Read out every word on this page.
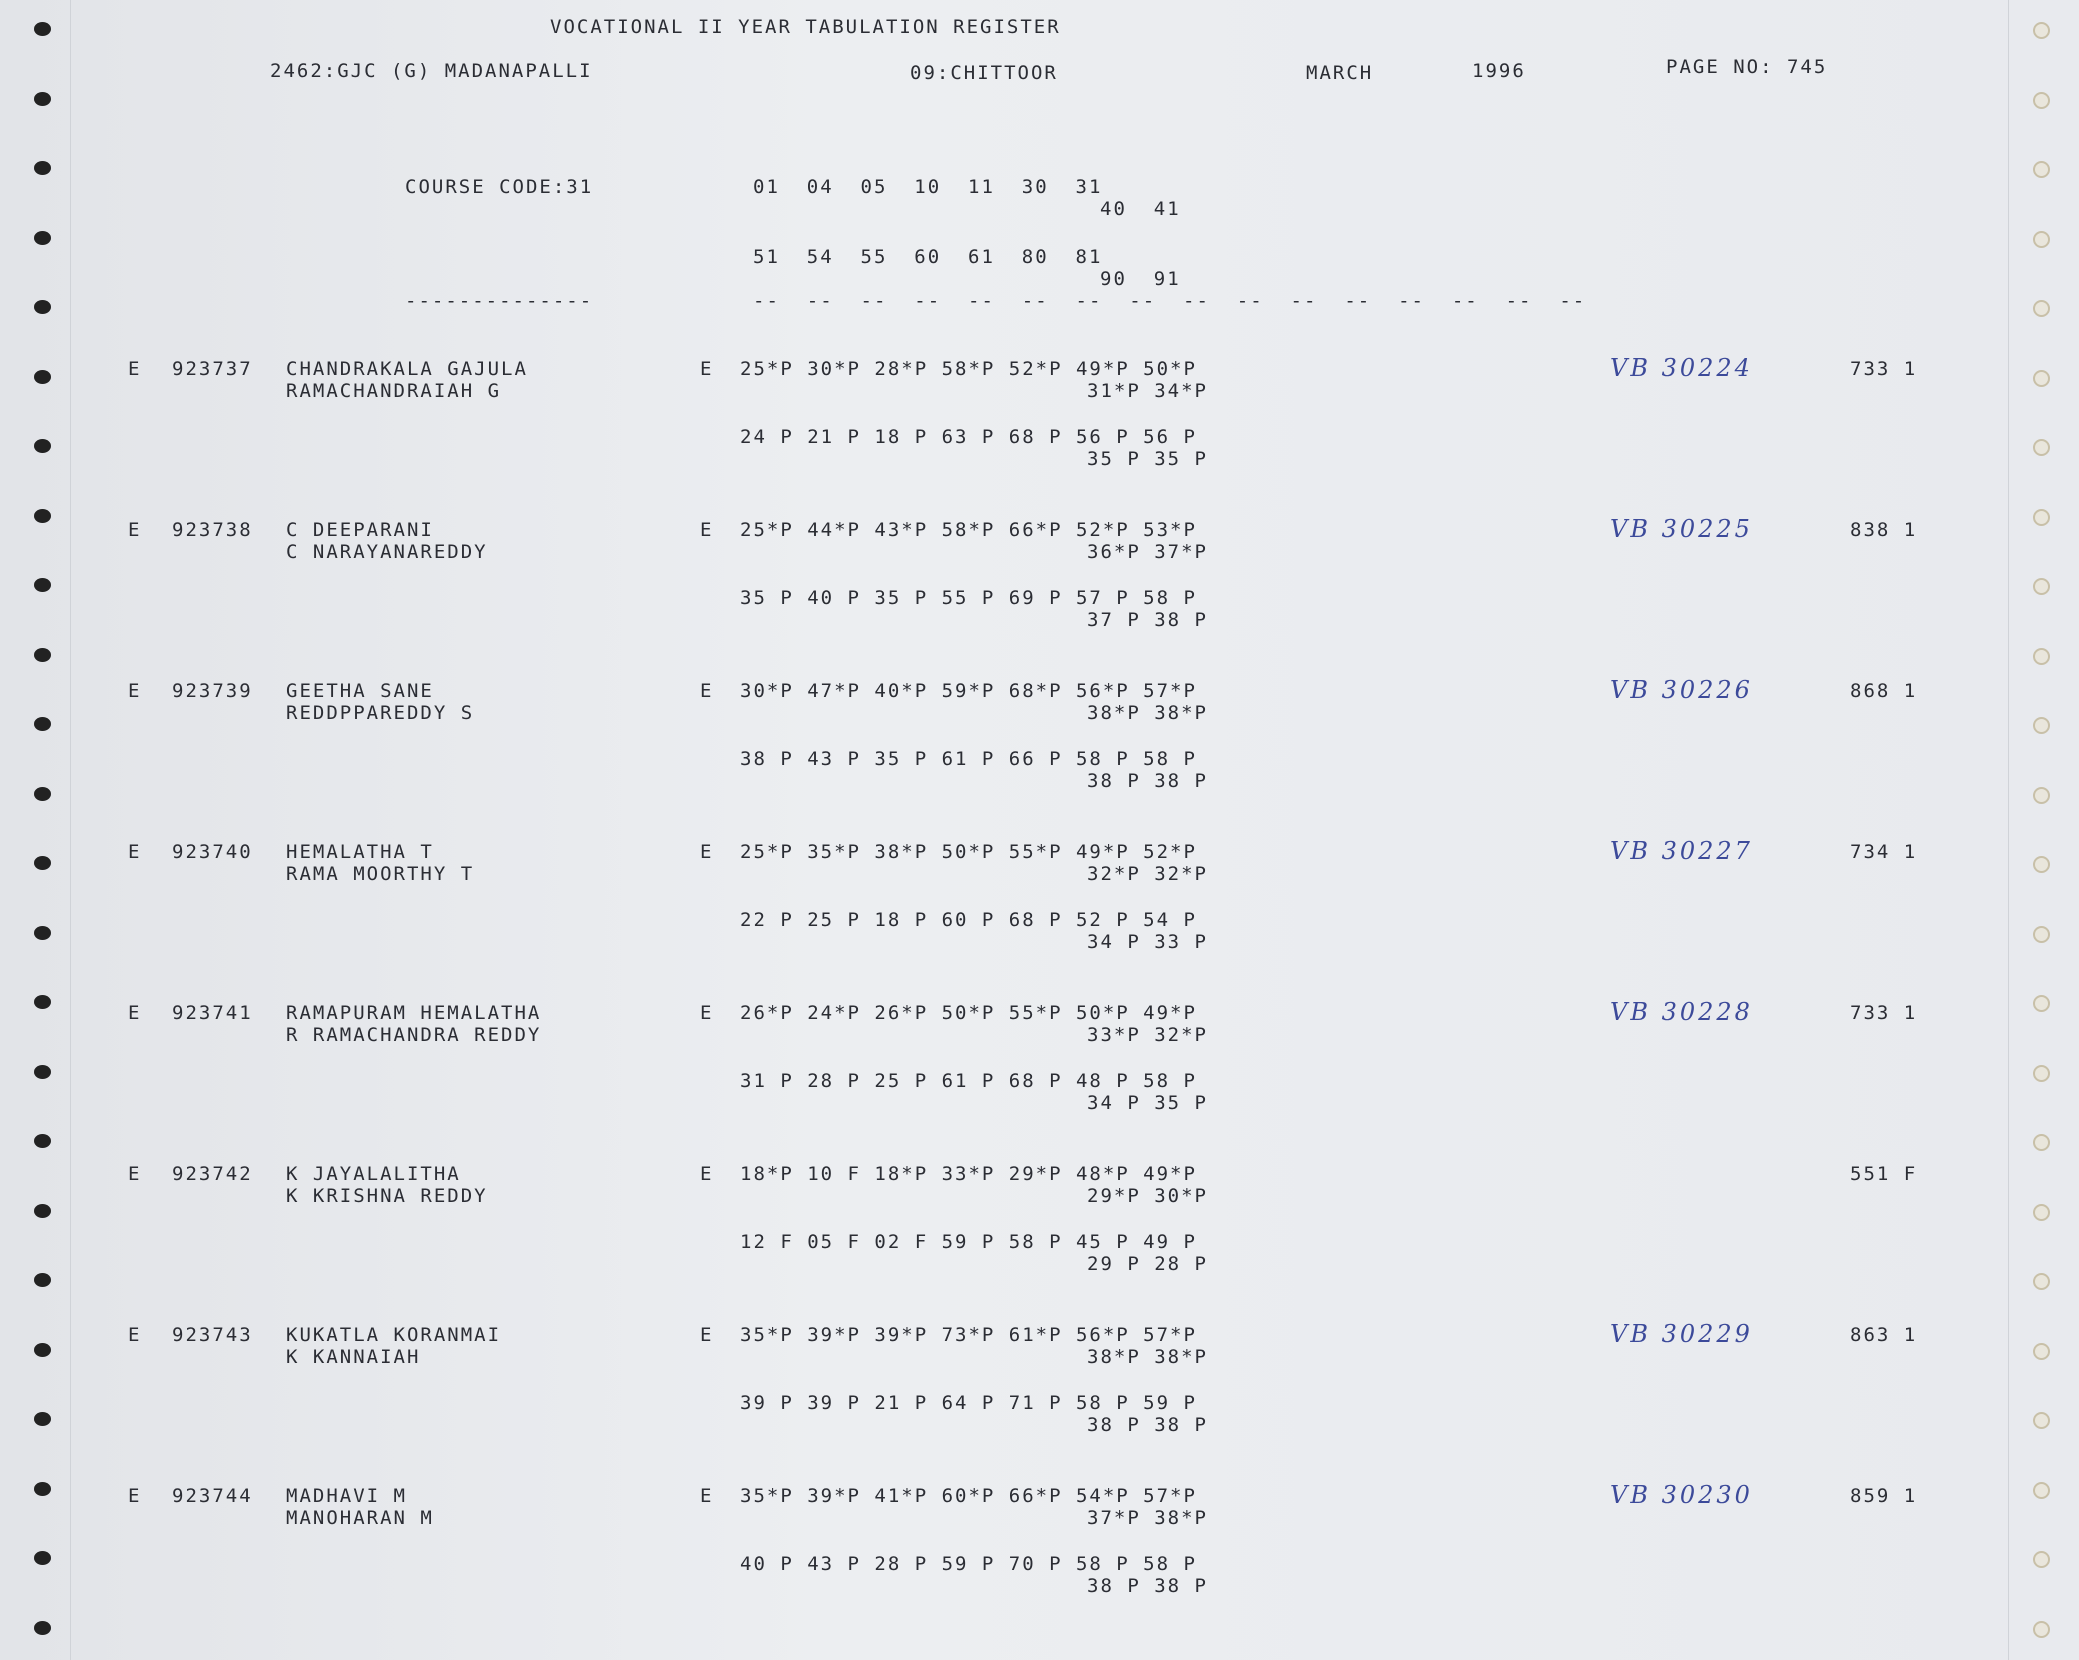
VOCATIONAL II YEAR TABULATION REGISTER

2462:GJC (G) MADANAPALLI

	09:CHITTOOR

	MARCH

	1996

	PAGE NO: 745

COURSE CODE:31

	01  04  05  10  11  30  31

40  41

51  54  55  60  61  80  81

90  91

--------------

	--  --  --  --  --  --  --  --  --  --  --  --  --  --  --  --

E 923737 CHANDRAKALA GAJULA
RAMACHANDRAIAH G
E 25*P 30*P 28*P 58*P 52*P 49*P 50*P
31*P 34*P
24 P 21 P 18 P 63 P 68 P 56 P 56 P
35 P 35 P
VB 30224	733 1
E 923738 C DEEPARANI
C NARAYANAREDDY
E 25*P 44*P 43*P 58*P 66*P 52*P 53*P
36*P 37*P
35 P 40 P 35 P 55 P 69 P 57 P 58 P
37 P 38 P
VB 30225	838 1
E 923739 GEETHA SANE
REDDPPAREDDY S
E 30*P 47*P 40*P 59*P 68*P 56*P 57*P
38*P 38*P
38 P 43 P 35 P 61 P 66 P 58 P 58 P
38 P 38 P
VB 30226	868 1
E 923740 HEMALATHA T
RAMA MOORTHY T
E 25*P 35*P 38*P 50*P 55*P 49*P 52*P
32*P 32*P
22 P 25 P 18 P 60 P 68 P 52 P 54 P
34 P 33 P
VB 30227	734 1
E 923741 RAMAPURAM HEMALATHA
R RAMACHANDRA REDDY
E 26*P 24*P 26*P 50*P 55*P 50*P 49*P
33*P 32*P
31 P 28 P 25 P 61 P 68 P 48 P 58 P
34 P 35 P
VB 30228	733 1
E 923742 K JAYALALITHA
K KRISHNA REDDY
E 18*P 10 F 18*P 33*P 29*P 48*P 49*P
29*P 30*P
12 F 05 F 02 F 59 P 58 P 45 P 49 P
29 P 28 P
551 F
E 923743 KUKATLA KORANMAI
K KANNAIAH
E 35*P 39*P 39*P 73*P 61*P 56*P 57*P
38*P 38*P
39 P 39 P 21 P 64 P 71 P 58 P 59 P
38 P 38 P
VB 30229	863 1
E 923744 MADHAVI M
MANOHARAN M
E 35*P 39*P 41*P 60*P 66*P 54*P 57*P
37*P 38*P
40 P 43 P 28 P 59 P 70 P 58 P 58 P
38 P 38 P
VB 30230	859 1
